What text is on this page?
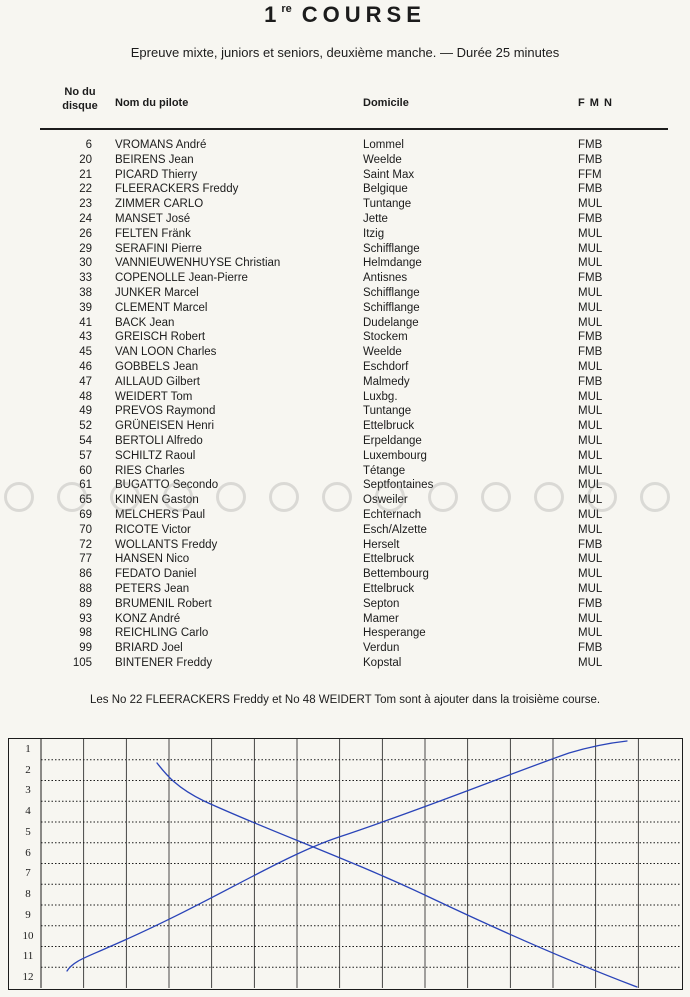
1re COURSE
Epreuve mixte, juniors et seniors, deuxième manche. — Durée 25 minutes
No du
disque Nom du pilote	Domicile	F M N
6 VROMANS André	Lommel	FMB
20 BEIRENS Jean	Weelde	FMB
21 PICARD Thierry	Saint Max	FFM
22 FLEERACKERS Freddy	Belgique	FMB
23 ZIMMER CARLO	Tuntange	MUL
24 MANSET José	Jette	FMB
26 FELTEN Fränk	Itzig	MUL
29 SERAFINI Pierre	Schifflange	MUL
30 VANNIEUWENHUYSE Christian	Helmdange	MUL
33 COPENOLLE Jean-Pierre	Antisnes	FMB
38 JUNKER Marcel	Schifflange	MUL
39 CLEMENT Marcel	Schifflange	MUL
41 BACK Jean	Dudelange	MUL
43 GREISCH Robert	Stockem	FMB
45 VAN LOON Charles	Weelde	FMB
46 GOBBELS Jean	Eschdorf	MUL
47 AILLAUD Gilbert	Malmedy	FMB
48 WEIDERT Tom	Luxbg.	MUL
49 PREVOS Raymond	Tuntange	MUL
52 GRÜNEISEN Henri	Ettelbruck	MUL
54 BERTOLI Alfredo	Erpeldange	MUL
57 SCHILTZ Raoul	Luxembourg	MUL
60 RIES Charles	Tétange	MUL
61 BUGATTO Secondo	Septfontaines	MUL
65 KINNEN Gaston	Osweiler	MUL
69 MELCHERS Paul	Echternach	MUL
70 RICOTE Victor	Esch/Alzette	MUL
72 WOLLANTS Freddy	Herselt	FMB
77 HANSEN Nico	Ettelbruck	MUL
86 FEDATO Daniel	Bettembourg	MUL
88 PETERS Jean	Ettelbruck	MUL
89 BRUMENIL Robert	Septon	FMB
93 KONZ André	Mamer	MUL
98 REICHLING Carlo	Hesperange	MUL
99 BRIARD Joel	Verdun	FMB
105 BINTENER Freddy	Kopstal	MUL
Les No 22 FLEERACKERS Freddy et No 48 WEIDERT Tom sont à ajouter dans la troisième course.
1
2
3
4
5
6
7
8
9
10
11
12
